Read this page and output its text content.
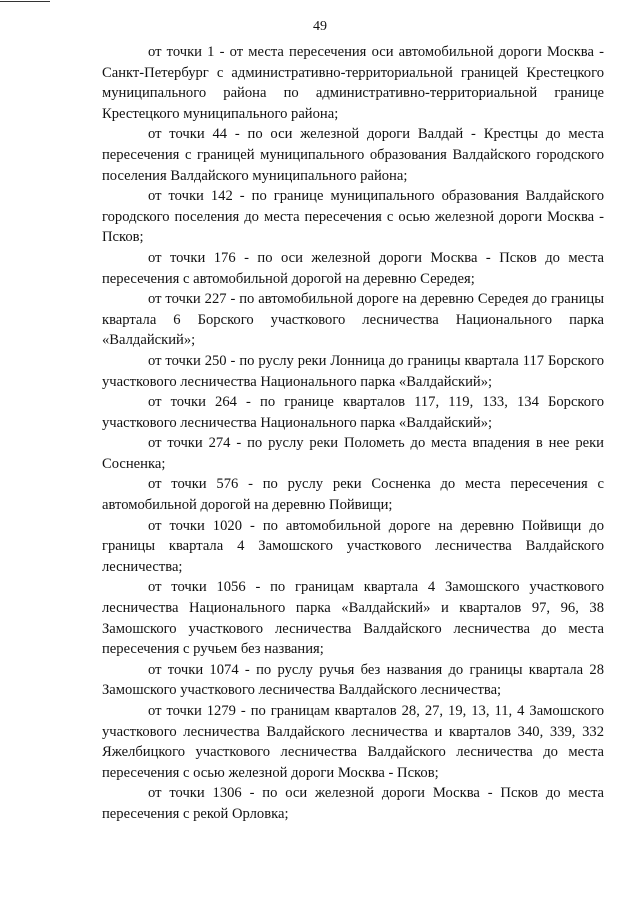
49

от точки 1 - от места пересечения оси автомобильной дороги Москва - Санкт-Петербург с административно-территориальной границей Крестецкого муниципального района по административно-территориальной границе Крестецкого муниципального района;

от точки 44 - по оси железной дороги Валдай - Крестцы до места пересечения с границей муниципального образования Валдайского городского поселения Валдайского муниципального района;

от точки 142 - по границе муниципального образования Валдайского городского поселения до места пересечения с осью железной дороги Москва - Псков;

от точки 176 - по оси железной дороги Москва - Псков до места пересечения с автомобильной дорогой на деревню Середея;

от точки 227 - по автомобильной дороге на деревню Середея до границы квартала 6 Борского участкового лесничества Национального парка «Валдайский»;

от точки 250 - по руслу реки Лонница до границы квартала 117 Борского участкового лесничества Национального парка «Валдайский»;

от точки 264 - по границе кварталов 117, 119, 133, 134 Борского участкового лесничества Национального парка «Валдайский»;

от точки 274 - по руслу реки Полометь до места впадения в нее реки Сосненка;

от точки 576 - по руслу реки Сосненка до места пересечения с автомобильной дорогой на деревню Пойвищи;

от точки 1020 - по автомобильной дороге на деревню Пойвищи до границы квартала 4 Замошского участкового лесничества Валдайского лесничества;

от точки 1056 - по границам квартала 4 Замошского участкового лесничества Национального парка «Валдайский» и кварталов 97, 96, 38 Замошского участкового лесничества Валдайского лесничества до места пересечения с ручьем без названия;

от точки 1074 - по руслу ручья без названия до границы квартала 28 Замошского участкового лесничества Валдайского лесничества;

от точки 1279 - по границам кварталов 28, 27, 19, 13, 11, 4 Замошского участкового лесничества Валдайского лесничества и кварталов 340, 339, 332 Яжелбицкого участкового лесничества Валдайского лесничества до места пересечения с осью железной дороги Москва - Псков;

от точки 1306 - по оси железной дороги Москва - Псков до места пересечения с рекой Орловка;
